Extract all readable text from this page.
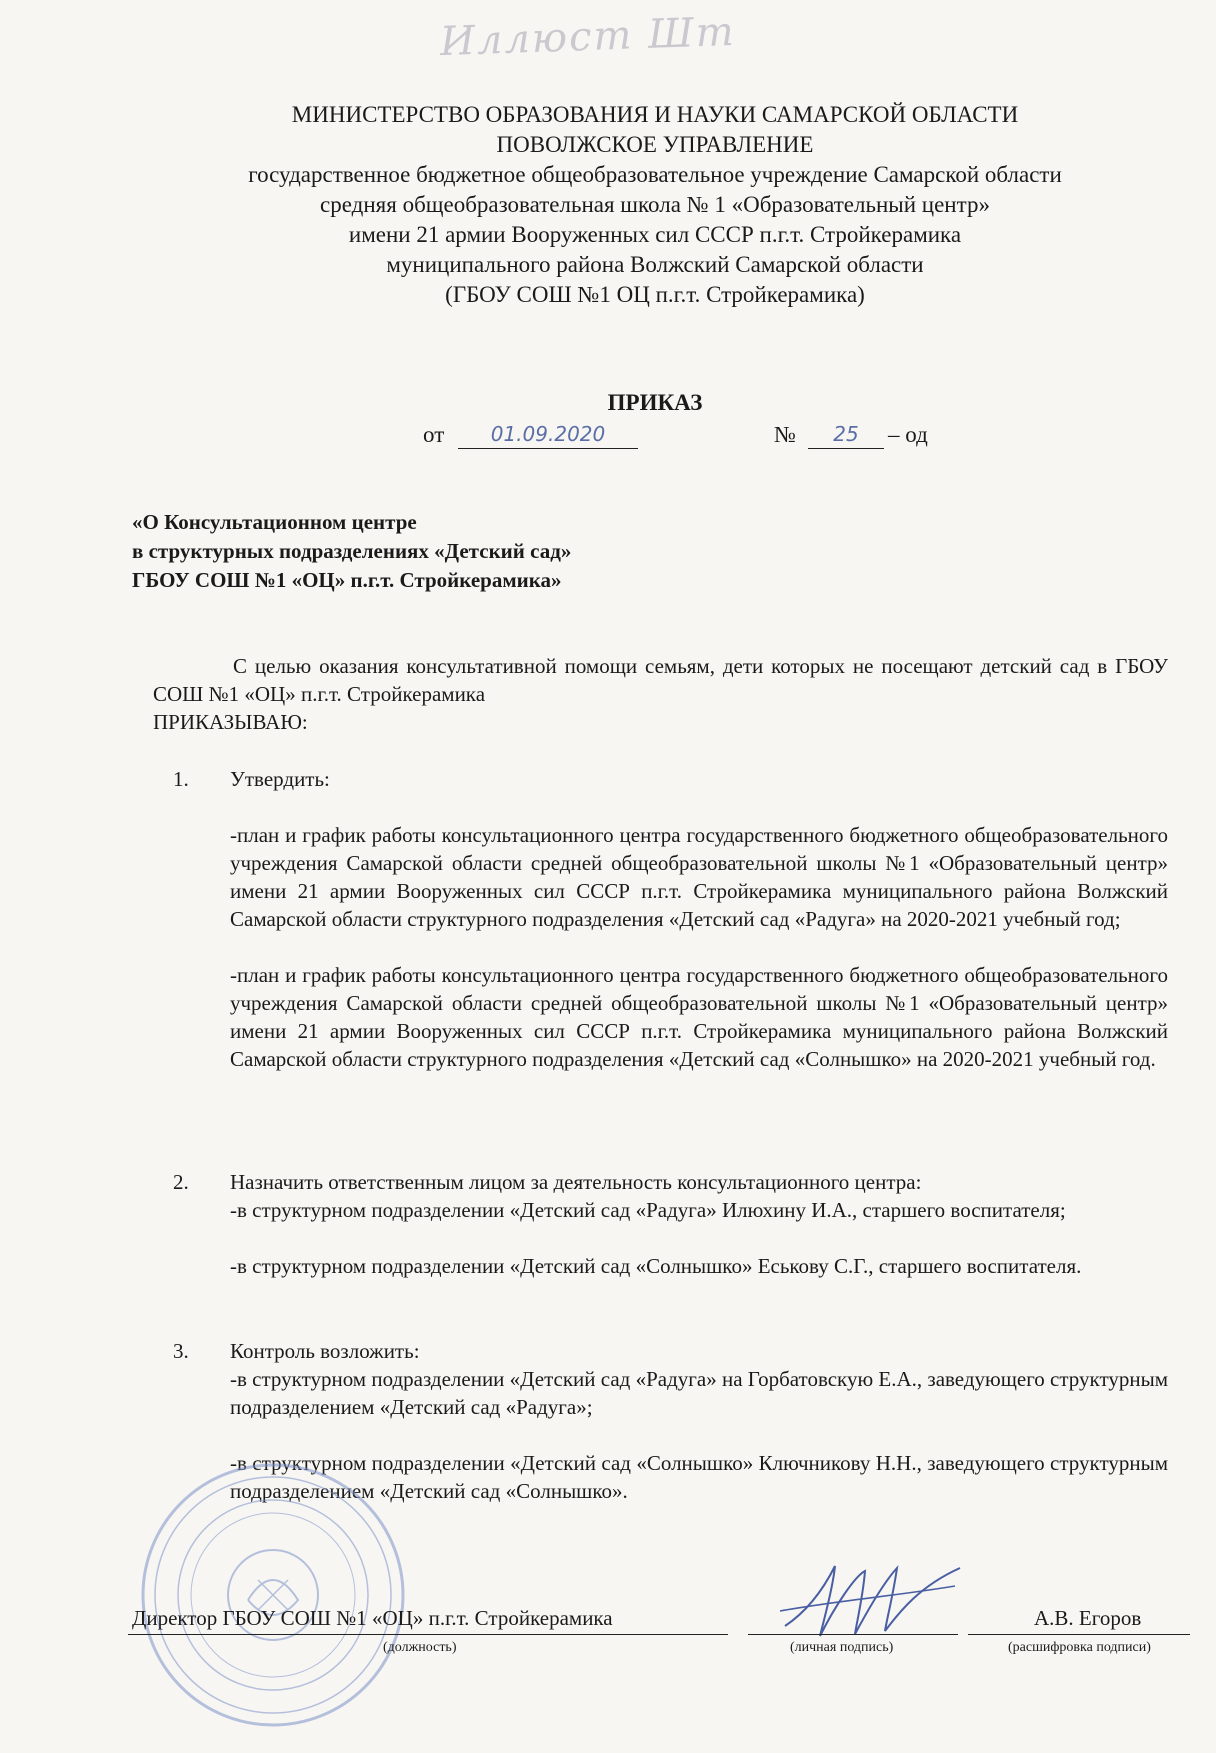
Иллюст Шт
МИНИСТЕРСТВО ОБРАЗОВАНИЯ И НАУКИ САМАРСКОЙ ОБЛАСТИ
ПОВОЛЖСКОЕ УПРАВЛЕНИЕ
государственное бюджетное общеобразовательное учреждение Самарской области
средняя общеобразовательная школа № 1 «Образовательный центр»
имени 21 армии Вооруженных сил СССР п.г.т. Стройкерамика
муниципального района Волжский Самарской области
(ГБОУ СОШ №1 ОЦ п.г.т. Стройкерамика)
ПРИКАЗ
от	01.09.2020	№	25	– од
«О Консультационном центре
в структурных подразделениях «Детский сад»
ГБОУ СОШ №1 «ОЦ» п.г.т. Стройкерамика»
С целью оказания консультативной помощи семьям, дети которых не посещают детский сад в ГБОУ СОШ №1 «ОЦ» п.г.т. Стройкерамика
ПРИКАЗЫВАЮ:
1. Утвердить:
-план и график работы консультационного центра государственного бюджетного общеобразовательного учреждения Самарской области средней общеобразовательной школы №1 «Образовательный центр» имени 21 армии Вооруженных сил СССР п.г.т. Стройкерамика муниципального района Волжский Самарской области структурного подразделения «Детский сад «Радуга» на 2020-2021 учебный год;
-план и график работы консультационного центра государственного бюджетного общеобразовательного учреждения Самарской области средней общеобразовательной школы №1 «Образовательный центр» имени 21 армии Вооруженных сил СССР п.г.т. Стройкерамика муниципального района Волжский Самарской области структурного подразделения «Детский сад «Солнышко» на 2020-2021 учебный год.
2. Назначить ответственным лицом за деятельность консультационного центра:
-в структурном подразделении «Детский сад «Радуга» Илюхину И.А., старшего воспитателя;
-в структурном подразделении «Детский сад «Солнышко» Еськову С.Г., старшего воспитателя.
3. Контроль возложить:
-в структурном подразделении «Детский сад «Радуга» на Горбатовскую Е.А., заведующего структурным подразделением «Детский сад «Радуга»;
-в структурном подразделении «Детский сад «Солнышко» Ключникову Н.Н., заведующего структурным подразделением «Детский сад «Солнышко».
Директор ГБОУ СОШ №1 «ОЦ» п.г.т. Стройкерамика	А.В. Егоров
(должность)	(личная подпись)	(расшифровка подписи)
